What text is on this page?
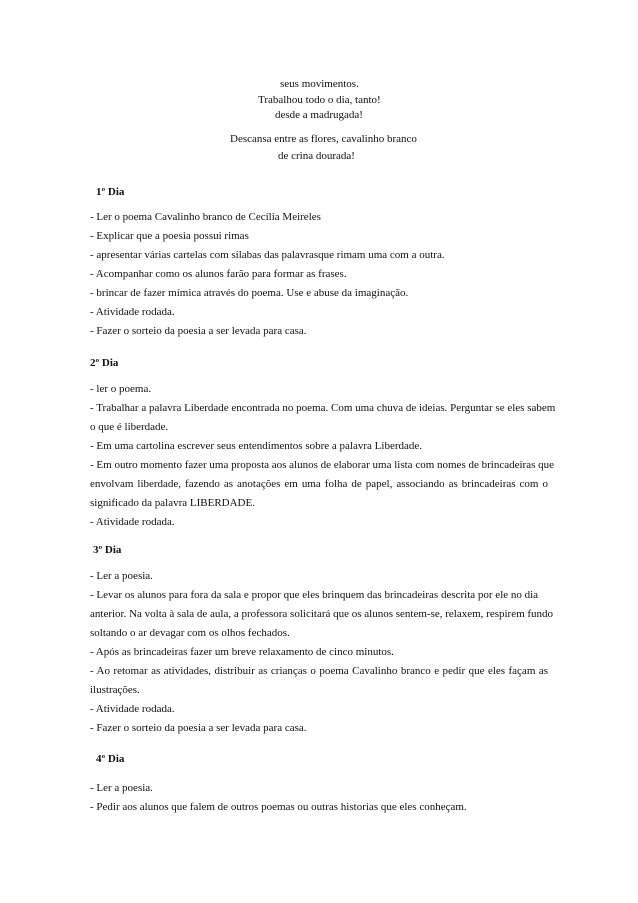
seus movimentos.
Trabalhou todo o dia, tanto!
desde a madrugada!
Descansa entre as flores, cavalinho branco
de crina dourada!
1º Dia
- Ler o poema Cavalinho branco de Cecília Meireles
- Explicar que a poesia possui rimas
- apresentar várias cartelas com sílabas das palavrasque rimam uma com a outra.
- Acompanhar como os alunos farão para formar as frases.
- brincar de fazer mímica através do poema. Use e abuse da imaginação.
- Atividade rodada.
- Fazer o sorteio da poesia a ser levada para casa.
2º Dia
- ler o poema.
- Trabalhar a palavra Liberdade encontrada no poema. Com uma chuva de ideias. Perguntar se eles sabem
o que é liberdade.
- Em uma cartolina escrever seus entendimentos sobre a palavra Liberdade.
- Em outro momento fazer uma proposta aos alunos de elaborar uma lista com nomes de brincadeiras que
envolvam liberdade, fazendo as anotações em uma folha de papel, associando as brincadeiras com o
significado da palavra LIBERDADE.
- Atividade rodada.
3º Dia
- Ler a poesia.
- Levar os alunos para fora da sala e propor que eles brinquem das brincadeiras descrita por ele no dia
anterior. Na volta à sala de aula, a professora solicitará que os alunos sentem-se, relaxem, respirem fundo
soltando o ar devagar com os olhos fechados.
- Após as brincadeiras fazer um breve relaxamento de cinco minutos.
- Ao retomar as atividades, distribuir as crianças o poema Cavalinho branco e pedir que eles façam as
ilustrações.
- Atividade rodada.
- Fazer o sorteio da poesia a ser levada para casa.
4º Dia
- Ler a poesia.
- Pedir aos alunos que falem de outros poemas ou outras historias que eles conheçam.
